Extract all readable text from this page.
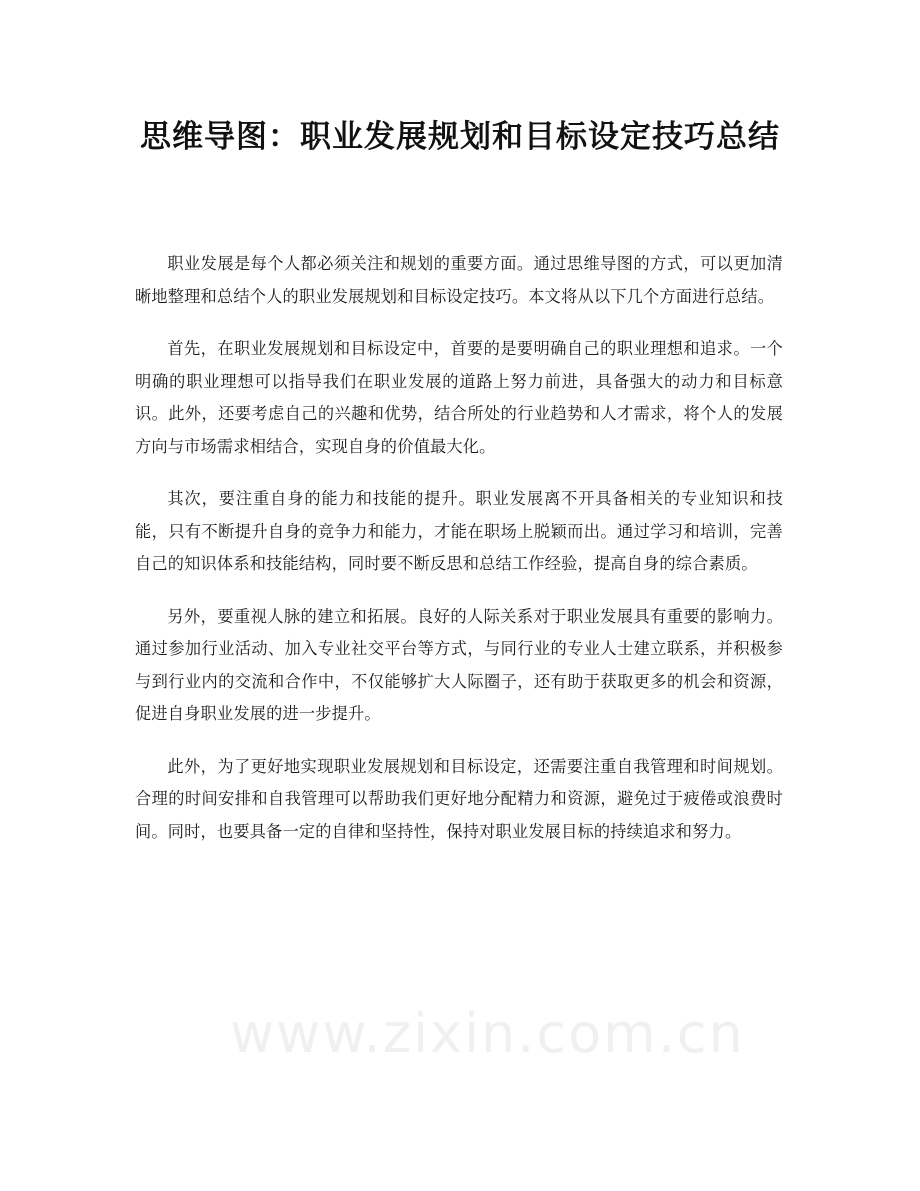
思维导图：职业发展规划和目标设定技巧总结

职业发展是每个人都必须关注和规划的重要方面。通过思维导图的方式，可以更加清晰地整理和总结个人的职业发展规划和目标设定技巧。本文将从以下几个方面进行总结。

首先，在职业发展规划和目标设定中，首要的是要明确自己的职业理想和追求。一个明确的职业理想可以指导我们在职业发展的道路上努力前进，具备强大的动力和目标意识。此外，还要考虑自己的兴趣和优势，结合所处的行业趋势和人才需求，将个人的发展方向与市场需求相结合，实现自身的价值最大化。

其次，要注重自身的能力和技能的提升。职业发展离不开具备相关的专业知识和技能，只有不断提升自身的竞争力和能力，才能在职场上脱颖而出。通过学习和培训，完善自己的知识体系和技能结构，同时要不断反思和总结工作经验，提高自身的综合素质。

另外，要重视人脉的建立和拓展。良好的人际关系对于职业发展具有重要的影响力。通过参加行业活动、加入专业社交平台等方式，与同行业的专业人士建立联系，并积极参与到行业内的交流和合作中，不仅能够扩大人际圈子，还有助于获取更多的机会和资源，促进自身职业发展的进一步提升。

此外，为了更好地实现职业发展规划和目标设定，还需要注重自我管理和时间规划。合理的时间安排和自我管理可以帮助我们更好地分配精力和资源，避免过于疲倦或浪费时间。同时，也要具备一定的自律和坚持性，保持对职业发展目标的持续追求和努力。

www.zixin.com.cn
